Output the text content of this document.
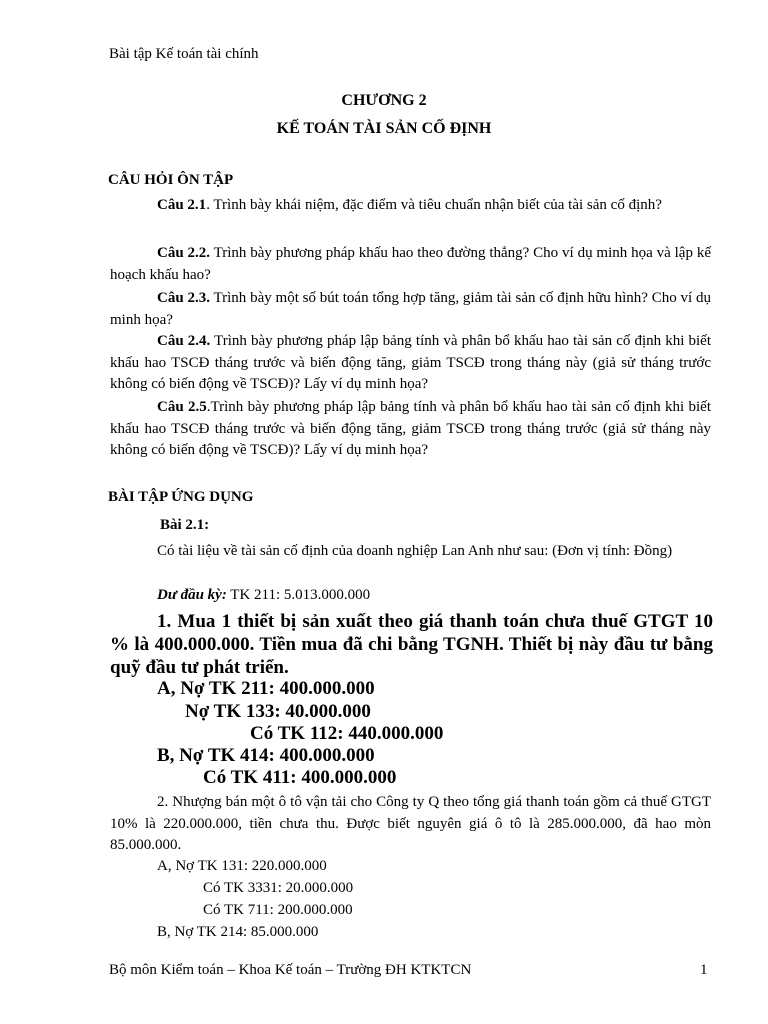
Bài tập Kế toán tài chính
CHƯƠNG 2
KẾ TOÁN TÀI SẢN CỐ ĐỊNH
CÂU HỎI ÔN TẬP
Câu 2.1. Trình bày khái niệm, đặc điểm và tiêu chuẩn nhận biết của tài sản cố định?
Câu 2.2. Trình bày phương pháp khấu hao theo đường thẳng? Cho ví dụ minh họa và lập kế hoạch khấu hao?
Câu 2.3. Trình bày một số bút toán tổng hợp tăng, giảm tài sản cố định hữu hình? Cho ví dụ minh họa?
Câu 2.4. Trình bày phương pháp lập bảng tính và phân bổ khấu hao tài sản cố định khi biết khấu hao TSCĐ tháng trước và biến động tăng, giảm TSCĐ trong tháng này (giả sử tháng trước không có biến động về TSCĐ)? Lấy ví dụ minh họa?
Câu 2.5.Trình bày phương pháp lập bảng tính và phân bổ khấu hao tài sản cố định khi biết khấu hao TSCĐ tháng trước và biến động tăng, giảm TSCĐ trong tháng trước (giả sử tháng này không có biến động về TSCĐ)? Lấy ví dụ minh họa?
BÀI TẬP ỨNG DỤNG
Bài 2.1:
Có tài liệu về tài sản cố định của doanh nghiệp Lan Anh như sau: (Đơn vị tính: Đồng)
Dư đầu kỳ: TK 211: 5.013.000.000
1. Mua 1 thiết bị sản xuất theo giá thanh toán chưa thuế GTGT 10 % là 400.000.000. Tiền mua đã chi bằng TGNH. Thiết bị này đầu tư bằng quỹ đầu tư phát triển.
A, Nợ TK 211: 400.000.000
Nợ TK 133: 40.000.000
Có TK 112: 440.000.000
B, Nợ TK 414: 400.000.000
Có TK 411: 400.000.000
2. Nhượng bán một ô tô vận tải cho Công ty Q theo tổng giá thanh toán gồm cả thuế GTGT 10% là 220.000.000, tiền chưa thu. Được biết nguyên giá ô tô là 285.000.000, đã hao mòn 85.000.000.
A, Nợ TK 131: 220.000.000
Có TK 3331: 20.000.000
Có TK 711: 200.000.000
B, Nợ TK 214: 85.000.000
Bộ môn Kiểm toán – Khoa Kế toán – Trường ĐH KTKTCN	1
